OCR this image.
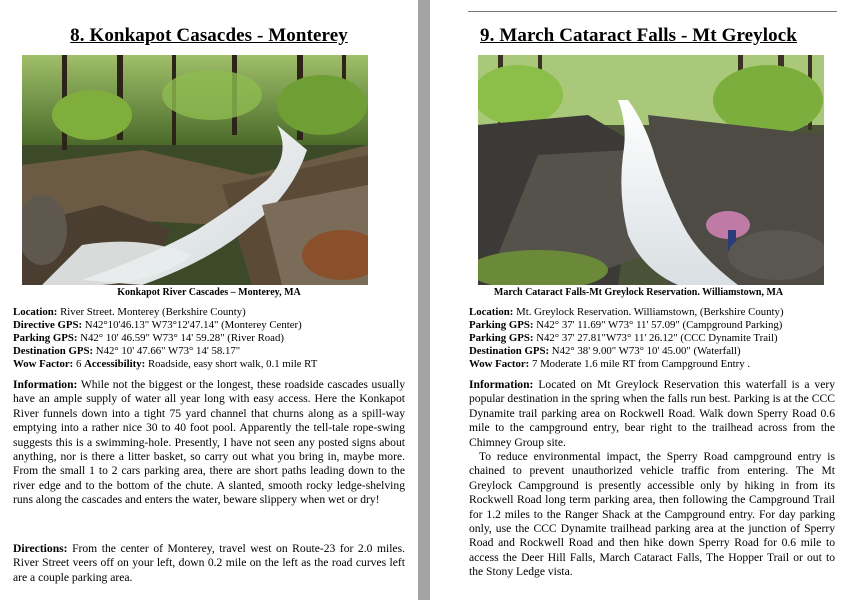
8. Konkapot Casacdes - Monterey
Konkapot River Cascades – Monterey, MA
Location: River Street. Monterey (Berkshire County)
Directive GPS: N42°10'46.13" W73°12'47.14" (Monterey Center)
Parking GPS: N42° 10' 46.59" W73° 14' 59.28" (River Road)
Destination GPS: N42° 10' 47.66" W73° 14' 58.17"
Wow Factor: 6 Accessibility: Roadside, easy short walk, 0.1 mile RT

Information: While not the biggest or the longest, these roadside cascades usually have an ample supply of water all year long with easy access. Here the Konkapot River funnels down into a tight 75 yard channel that churns along as a spill-way emptying into a rather nice 30 to 40 foot pool. Apparently the tell-tale rope-swing suggests this is a swimming-hole. Presently, I have not seen any posted signs about anything, nor is there a litter basket, so carry out what you bring in, maybe more. From the small 1 to 2 cars parking area, there are short paths leading down to the river edge and to the bottom of the chute. A slanted, smooth rocky ledge-shelving runs along the cascades and enters the water, beware slippery when wet or dry!

Directions: From the center of Monterey, travel west on Route-23 for 2.0 miles. River Street veers off on your left, down 0.2 mile on the left as the road curves left are a couple parking area.

9. March Cataract Falls - Mt Greylock
March Cataract Falls-Mt Greylock Reservation. Williamstown, MA
Location: Mt. Greylock Reservation. Williamstown, (Berkshire County)
Parking GPS: N42° 37' 11.69" W73° 11' 57.09" (Campground Parking)
Parking GPS: N42° 37' 27.81"W73° 11' 26.12" (CCC Dynamite Trail)
Destination GPS: N42° 38' 9.00" W73° 10' 45.00" (Waterfall)
Wow Factor: 7 Moderate 1.6 mile RT from Campground Entry .

Information: Located on Mt Greylock Reservation this waterfall is a very popular destination in the spring when the falls run best. Parking is at the CCC Dynamite trail parking area on Rockwell Road. Walk down Sperry Road 0.6 mile to the campground entry, bear right to the trailhead across from the Chimney Group site.

To reduce environmental impact, the Sperry Road campground entry is chained to prevent unauthorized vehicle traffic from entering. The Mt Greylock Campground is presently accessible only by hiking in from its Rockwell Road long term parking area, then following the Campground Trail for 1.2 miles to the Ranger Shack at the Campground entry. For day parking only, use the CCC Dynamite trailhead parking area at the junction of Sperry Road and Rockwell Road and then hike down Sperry Road for 0.6 mile to access the Deer Hill Falls, March Cataract Falls, The Hopper Trail or out to the Stony Ledge vista.
